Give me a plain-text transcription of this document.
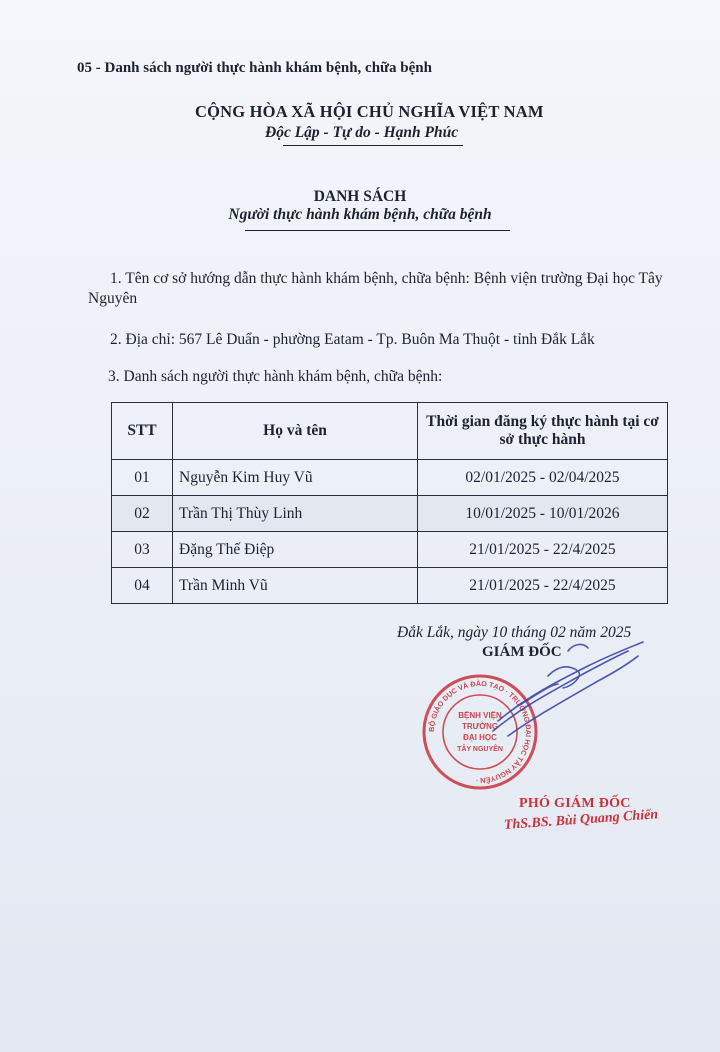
05 - Danh sách người thực hành khám bệnh, chữa bệnh
CỘNG HÒA XÃ HỘI CHỦ NGHĨA VIỆT NAM
Độc Lập - Tự do - Hạnh Phúc
DANH SÁCH
Người thực hành khám bệnh, chữa bệnh
1. Tên cơ sở hướng dẫn thực hành khám bệnh, chữa bệnh: Bệnh viện trường Đại học Tây Nguyên
2. Địa chỉ: 567 Lê Duẩn - phường Eatam - Tp. Buôn Ma Thuột - tỉnh Đắk Lắk
3. Danh sách người thực hành khám bệnh, chữa bệnh:
STT	Họ và tên	Thời gian đăng ký thực hành tại cơ sở thực hành
01	Nguyễn Kim Huy Vũ	02/01/2025 - 02/04/2025
02	Trần Thị Thùy Linh	10/01/2025 - 10/01/2026
03	Đặng Thế Điệp	21/01/2025 - 22/4/2025
04	Trần Minh Vũ	21/01/2025 - 22/4/2025
Đắk Lắk, ngày 10 tháng 02 năm 2025
GIÁM ĐỐC
BỘ GIÁO DỤC VÀ ĐÀO TẠO · TRƯỜNG ĐẠI HỌC TÂY NGUYÊN ·
BỆNH VIỆN
TRƯỜNG
ĐẠI HỌC
TÂY NGUYÊN
PHÓ GIÁM ĐỐC
ThS.BS. Bùi Quang Chiến
